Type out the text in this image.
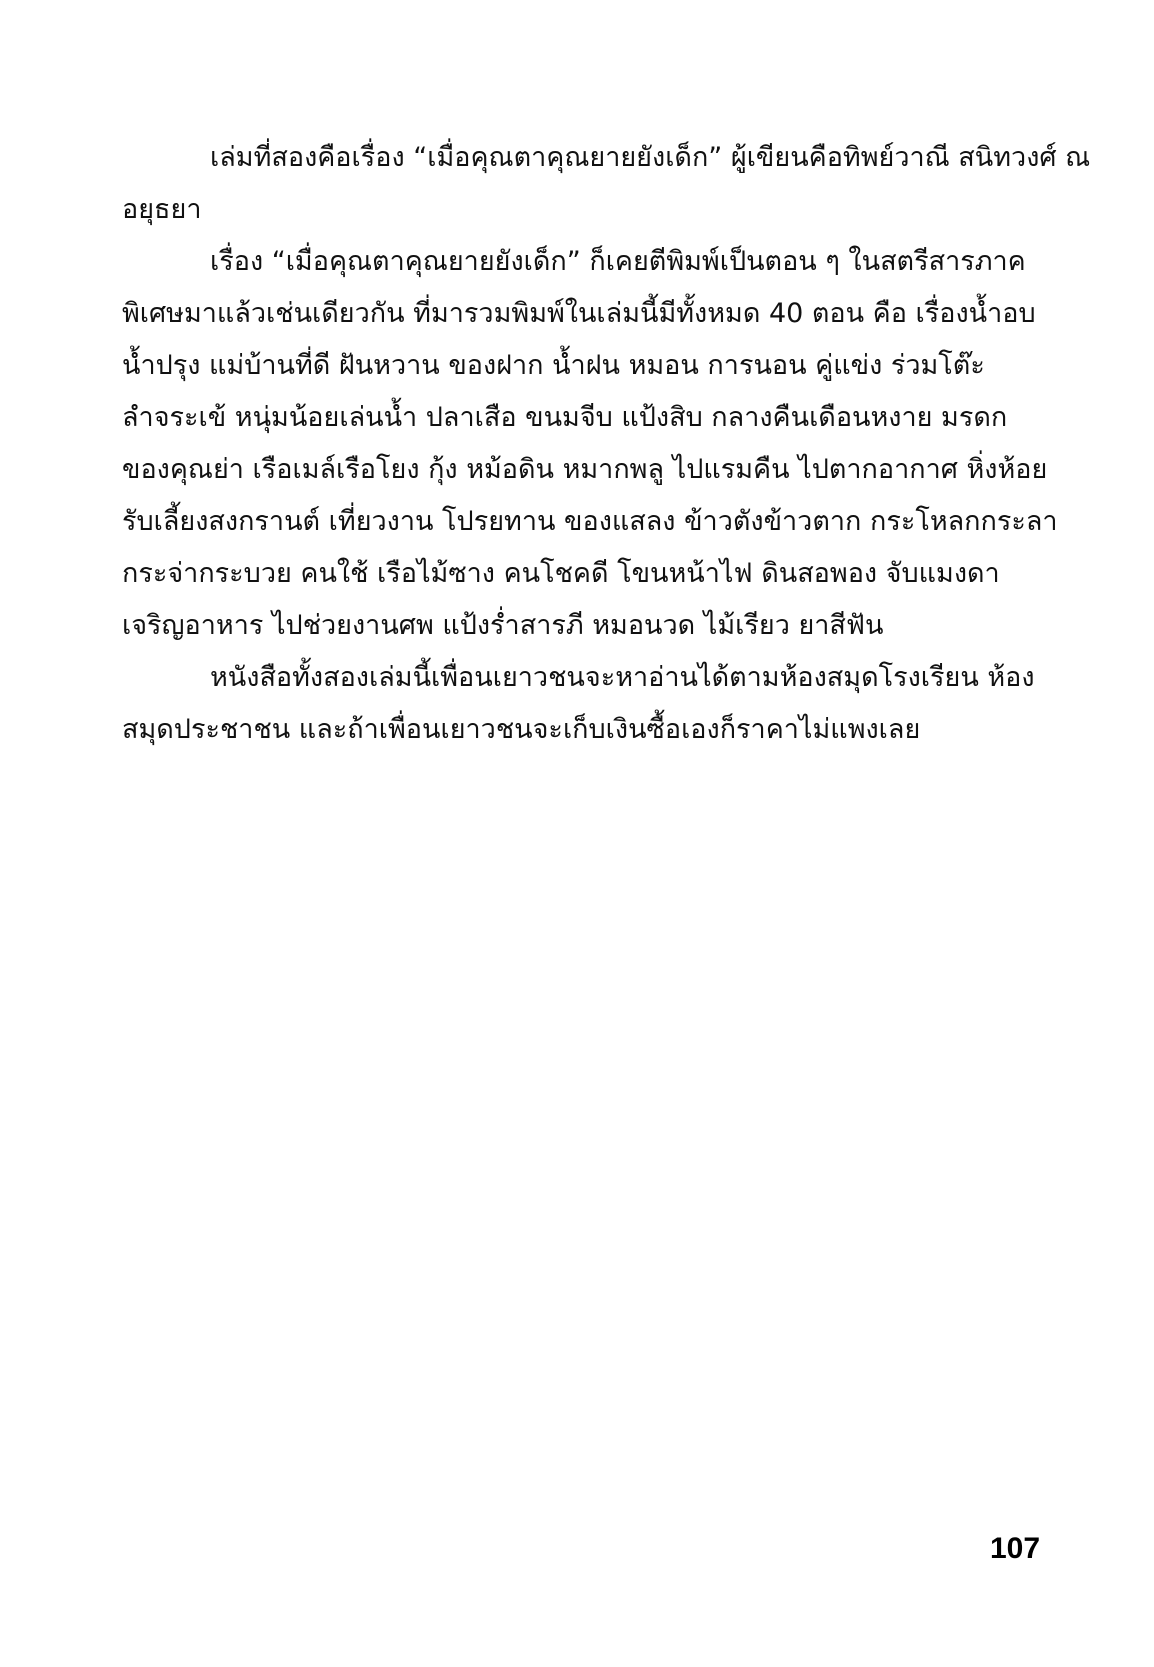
เล่มที่สองคือเรื่อง “เมื่อคุณตาคุณยายยังเด็ก” ผู้เขียนคือทิพย์วาณี สนิทวงศ์ ณ
อยุธยา

เรื่อง “เมื่อคุณตาคุณยายยังเด็ก” ก็เคยตีพิมพ์เป็นตอน ๆ ในสตรีสารภาค
พิเศษมาแล้วเช่นเดียวกัน ที่มารวมพิมพ์ในเล่มนี้มีทั้งหมด 40 ตอน คือ เรื่องน้ำอบ
น้ำปรุง แม่บ้านที่ดี ฝันหวาน ของฝาก น้ำฝน หมอน การนอน คู่แข่ง ร่วมโต๊ะ
ลำจระเข้ หนุ่มน้อยเล่นน้ำ ปลาเสือ ขนมจีบ แป้งสิบ กลางคืนเดือนหงาย มรดก
ของคุณย่า เรือเมล์เรือโยง กุ้ง หม้อดิน หมากพลู ไปแรมคืน ไปตากอากาศ หิ่งห้อย
รับเลี้ยงสงกรานต์ เที่ยวงาน โปรยทาน ของแสลง ข้าวตังข้าวตาก กระโหลกกระลา
กระจ่ากระบวย คนใช้ เรือไม้ซาง คนโชคดี โขนหน้าไฟ ดินสอพอง จับแมงดา
เจริญอาหาร ไปช่วยงานศพ แป้งร่ำสารภี หมอนวด ไม้เรียว ยาสีฟัน

หนังสือทั้งสองเล่มนี้เพื่อนเยาวชนจะหาอ่านได้ตามห้องสมุดโรงเรียน ห้อง
สมุดประชาชน และถ้าเพื่อนเยาวชนจะเก็บเงินซื้อเองก็ราคาไม่แพงเลย

107
